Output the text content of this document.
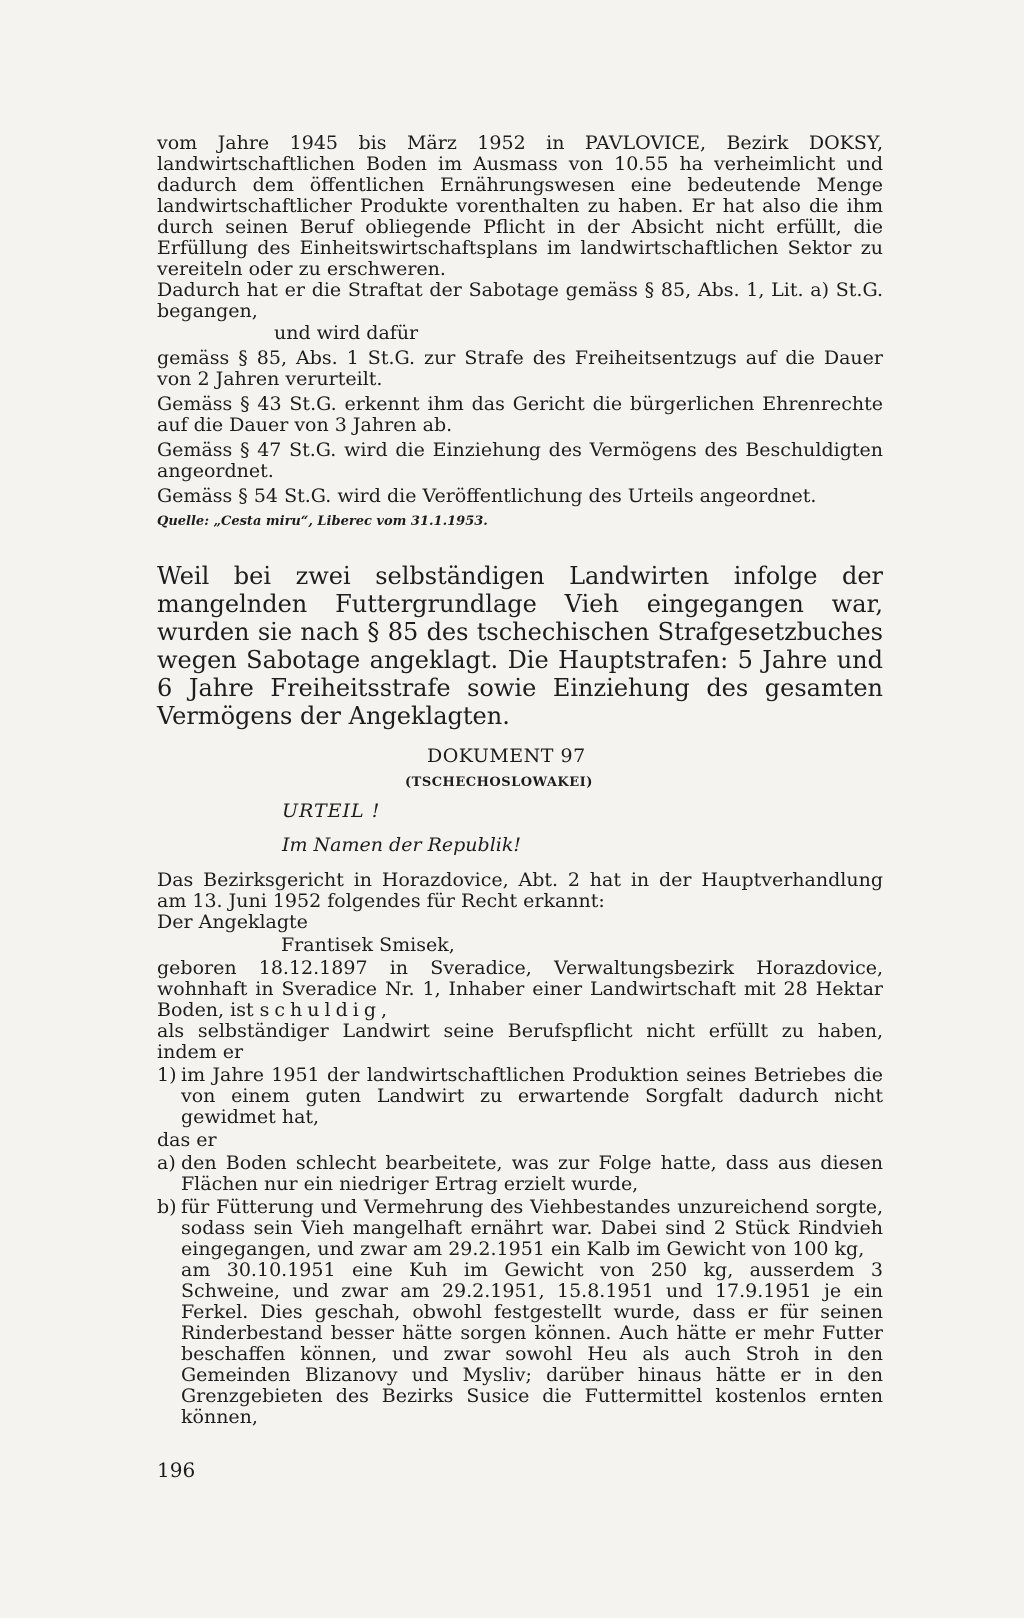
vom Jahre 1945 bis März 1952 in PAVLOVICE, Bezirk DOKSY, landwirtschaftlichen Boden im Ausmass von 10.55 ha verheimlicht und dadurch dem öffentlichen Ernährungswesen eine bedeutende Menge landwirtschaftlicher Produkte vorenthalten zu haben. Er hat also die ihm durch seinen Beruf obliegende Pflicht in der Absicht nicht erfüllt, die Erfüllung des Einheitswirtschaftsplans im landwirtschaftlichen Sektor zu vereiteln oder zu erschweren.

Dadurch hat er die Straftat der Sabotage gemäss § 85, Abs. 1, Lit. a) St.G. begangen,

und wird dafür

gemäss § 85, Abs. 1 St.G. zur Strafe des Freiheitsentzugs auf die Dauer von 2 Jahren verurteilt.

Gemäss § 43 St.G. erkennt ihm das Gericht die bürgerlichen Ehrenrechte auf die Dauer von 3 Jahren ab.

Gemäss § 47 St.G. wird die Einziehung des Vermögens des Beschuldigten angeordnet.

Gemäss § 54 St.G. wird die Veröffentlichung des Urteils angeordnet.

Quelle: „Cesta miru“, Liberec vom 31.1.1953.

Weil bei zwei selbständigen Landwirten infolge der mangelnden Futtergrundlage Vieh eingegangen war, wurden sie nach § 85 des tschechischen Strafgesetzbuches wegen Sabotage angeklagt. Die Hauptstrafen: 5 Jahre und 6 Jahre Freiheitsstrafe sowie Einziehung des gesamten Vermögens der Angeklagten.

DOKUMENT 97
(TSCHECHOSLOWAKEI)
URTEIL !
Im Namen der Republik!

Das Bezirksgericht in Horazdovice, Abt. 2 hat in der Hauptverhandlung am 13. Juni 1952 folgendes für Recht erkannt:

Der Angeklagte

Frantisek Smisek,

geboren 18.12.1897 in Sveradice, Verwaltungsbezirk Horazdovice, wohnhaft in Sveradice Nr. 1, Inhaber einer Landwirtschaft mit 28 Hektar Boden, ist schuldig,

als selbständiger Landwirt seine Berufspflicht nicht erfüllt zu haben, indem er

1) im Jahre 1951 der landwirtschaftlichen Produktion seines Betriebes die von einem guten Landwirt zu erwartende Sorgfalt dadurch nicht gewidmet hat,

das er

a) den Boden schlecht bearbeitete, was zur Folge hatte, dass aus diesen Flächen nur ein niedriger Ertrag erzielt wurde,
b) für Fütterung und Vermehrung des Viehbestandes unzureichend sorgte, sodass sein Vieh mangelhaft ernährt war. Dabei sind 2 Stück Rindvieh eingegangen, und zwar am 29.2.1951 ein Kalb im Gewicht von 100 kg,
am 30.10.1951 eine Kuh im Gewicht von 250 kg, ausserdem 3 Schweine, und zwar am 29.2.1951, 15.8.1951 und 17.9.1951 je ein Ferkel. Dies geschah, obwohl festgestellt wurde, dass er für seinen Rinderbestand besser hätte sorgen können. Auch hätte er mehr Futter beschaffen können, und zwar sowohl Heu als auch Stroh in den Gemeinden Blizanovy und Mysliv; darüber hinaus hätte er in den Grenzgebieten des Bezirks Susice die Futtermittel kostenlos ernten können,
196
